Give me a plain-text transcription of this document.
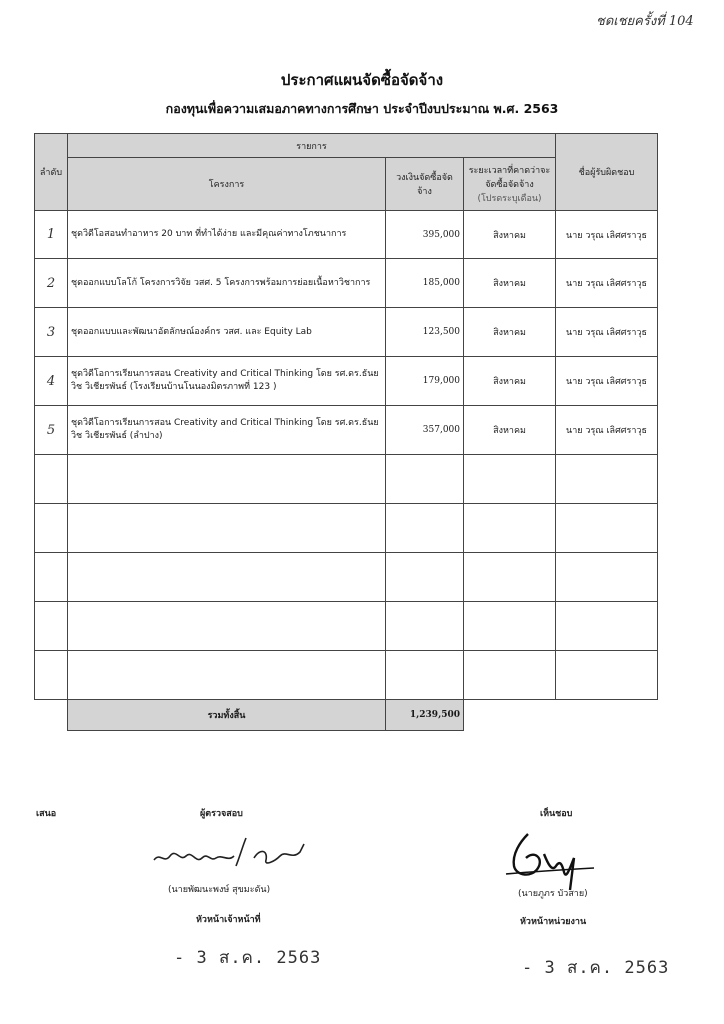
ชดเชยครั้งที่ 104
ประกาศแผนจัดซื้อจัดจ้าง
กองทุนเพื่อความเสมอภาคทางการศึกษา ประจำปีงบประมาณ พ.ศ. 2563
ลำดับ	รายการ			ชื่อผู้รับผิดชอบ
	โครงการ	วงเงินจัดซื้อจัดจ้าง	ระยะเวลาที่คาดว่าจะจัดซื้อจัดจ้าง
(โปรดระบุเดือน)	

1	ชุดวิดีโอสอนทำอาหาร 20 บาท ที่ทำได้ง่าย และมีคุณค่าทางโภชนาการ	395,000	สิงหาคม	นาย วรุณ เลิศศราวุธ
2	ชุดออกแบบโลโก้ โครงการวิจัย วสศ. 5 โครงการพร้อมการย่อยเนื้อหาวิชาการ	185,000	สิงหาคม	นาย วรุณ เลิศศราวุธ
3	ชุดออกแบบและพัฒนาอัตลักษณ์องค์กร วสศ. และ Equity Lab	123,500	สิงหาคม	นาย วรุณ เลิศศราวุธ
4	ชุดวิดีโอการเรียนการสอน Creativity and Critical Thinking โดย รศ.ดร.ธันยวิช วิเชียรพันธ์ (โรงเรียนบ้านโนนองมิตรภาพที่ 123 )	179,000	สิงหาคม	นาย วรุณ เลิศศราวุธ
5	ชุดวิดีโอการเรียนการสอน Creativity and Critical Thinking โดย รศ.ดร.ธันยวิช วิเชียรพันธ์ (ลำปาง)	357,000	สิงหาคม	นาย วรุณ เลิศศราวุธ

	รวมทั้งสิ้น	1,239,500		
เสนอ	ผู้ตรวจสอบ
(นายพัฒนะพงษ์ สุขมะดัน)
หัวหน้าเจ้าหน้าที่
- 3 ส.ค. 2563
เห็นชอบ
(นายภูภร บัวสาย)
หัวหน้าหน่วยงาน
- 3 ส.ค. 2563
